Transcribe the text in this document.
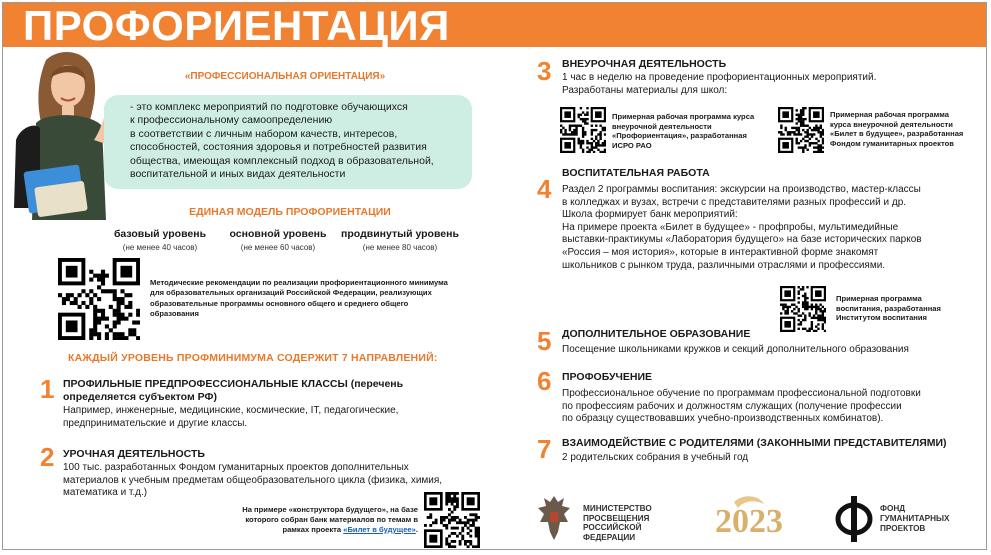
ПРОФОРИЕНТАЦИЯ
«ПРОФЕССИОНАЛЬНАЯ ОРИЕНТАЦИЯ»
- это комплекс мероприятий по подготовке обучающихся
к профессиональному самоопределению
в соответствии с личным набором качеств, интересов,
способностей, состояния здоровья и потребностей развития
общества, имеющая комплексный подход в образовательной,
воспитательной и иных видах деятельности
ЕДИНАЯ МОДЕЛЬ ПРОФОРИЕНТАЦИИ
базовый уровень
(не менее 40 часов)
основной уровень
(не менее 60 часов)
продвинутый уровень
(не менее 80 часов)
Методические рекомендации по реализации профориентационного минимума
для образовательных организаций Российской Федерации, реализующих
образовательные программы основного общего и среднего общего
образования
КАЖДЫЙ УРОВЕНЬ ПРОФМИНИМУМА СОДЕРЖИТ 7 НАПРАВЛЕНИЙ:
1 ПРОФИЛЬНЫЕ ПРЕДПРОФЕССИОНАЛЬНЫЕ КЛАССЫ (перечень
определяется субъектом РФ)
Например, инженерные, медицинские, космические, IT, педагогические,
предпринимательские и другие классы.
2 УРОЧНАЯ ДЕЯТЕЛЬНОСТЬ
100 тыс. разработанных Фондом гуманитарных проектов дополнительных
материалов к учебным предметам общеобразовательного цикла (физика, химия,
математика и т.д.)
На примере «конструктора будущего», на базе
которого собран банк материалов по темам в
рамках проекта «Билет в будущее».
3 ВНЕУРОЧНАЯ ДЕЯТЕЛЬНОСТЬ
1 час в неделю на проведение профориентационных мероприятий.
Разработаны материалы для школ:
Примерная рабочая программа курса
внеурочной деятельности
«Профориентация», разработанная
ИСРО РАО
Примерная рабочая программа
курса внеурочной деятельности
«Билет в будущее», разработанная
Фондом гуманитарных проектов
4
ВОСПИТАТЕЛЬНАЯ РАБОТА
Раздел 2 программы воспитания: экскурсии на производство, мастер-классы
в колледжах и вузах, встречи с представителями разных профессий и др.
Школа формирует банк мероприятий:
На примере проекта «Билет в будущее» - профпробы, мультимедийные
выставки-практикумы «Лаборатория будущего» на базе исторических парков
«Россия – моя история», которые в интерактивной форме знакомят
школьников с рынком труда, различными отраслями и профессиями.
Примерная программа
воспитания, разработанная
Институтом воспитания
5 ДОПОЛНИТЕЛЬНОЕ ОБРАЗОВАНИЕ
Посещение школьниками кружков и секций дополнительного образования
6 ПРОФОБУЧЕНИЕ
Профессиональное обучение по программам профессиональной подготовки
по профессиям рабочих и должностям служащих (получение профессии
по образцу существовавших учебно-производственных комбинатов).
7 ВЗАИМОДЕЙСТВИЕ С РОДИТЕЛЯМИ (ЗАКОННЫМИ ПРЕДСТАВИТЕЛЯМИ)
2 родительских собрания в учебный год
МИНИСТЕРСТВО
ПРОСВЕЩЕНИЯ
РОССИЙСКОЙ
ФЕДЕРАЦИИ	2023	ФОНД
ГУМАНИТАРНЫХ
ПРОЕКТОВ
